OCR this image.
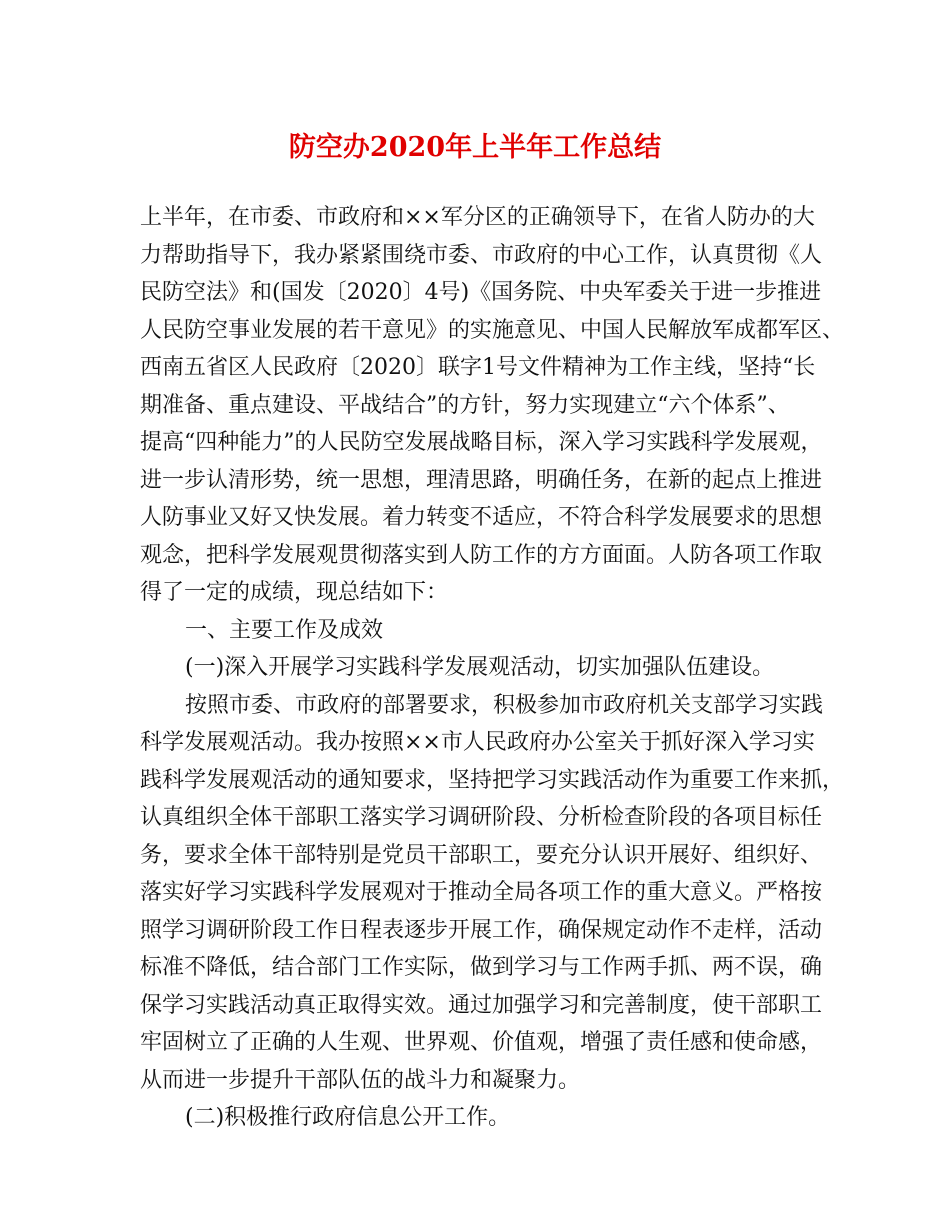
防空办2020年上半年工作总结
上半年，在市委、市政府和××军分区的正确领导下，在省人防办的大
力帮助指导下，我办紧紧围绕市委、市政府的中心工作，认真贯彻《人
民防空法》和(国发〔2020〕4号)《国务院、中央军委关于进一步推进
人民防空事业发展的若干意见》的实施意见、中国人民解放军成都军区、
西南五省区人民政府〔2020〕联字1号文件精神为工作主线，坚持“长
期准备、重点建设、平战结合”的方针，努力实现建立“六个体系”、
提高“四种能力”的人民防空发展战略目标，深入学习实践科学发展观，
进一步认清形势，统一思想，理清思路，明确任务，在新的起点上推进
人防事业又好又快发展。着力转变不适应，不符合科学发展要求的思想
观念，把科学发展观贯彻落实到人防工作的方方面面。人防各项工作取
得了一定的成绩，现总结如下：
一、主要工作及成效
(一)深入开展学习实践科学发展观活动，切实加强队伍建设。
按照市委、市政府的部署要求，积极参加市政府机关支部学习实践
科学发展观活动。我办按照××市人民政府办公室关于抓好深入学习实
践科学发展观活动的通知要求，坚持把学习实践活动作为重要工作来抓，
认真组织全体干部职工落实学习调研阶段、分析检查阶段的各项目标任
务，要求全体干部特别是党员干部职工，要充分认识开展好、组织好、
落实好学习实践科学发展观对于推动全局各项工作的重大意义。严格按
照学习调研阶段工作日程表逐步开展工作，确保规定动作不走样，活动
标准不降低，结合部门工作实际，做到学习与工作两手抓、两不误，确
保学习实践活动真正取得实效。通过加强学习和完善制度，使干部职工
牢固树立了正确的人生观、世界观、价值观，增强了责任感和使命感，
从而进一步提升干部队伍的战斗力和凝聚力。
(二)积极推行政府信息公开工作。
